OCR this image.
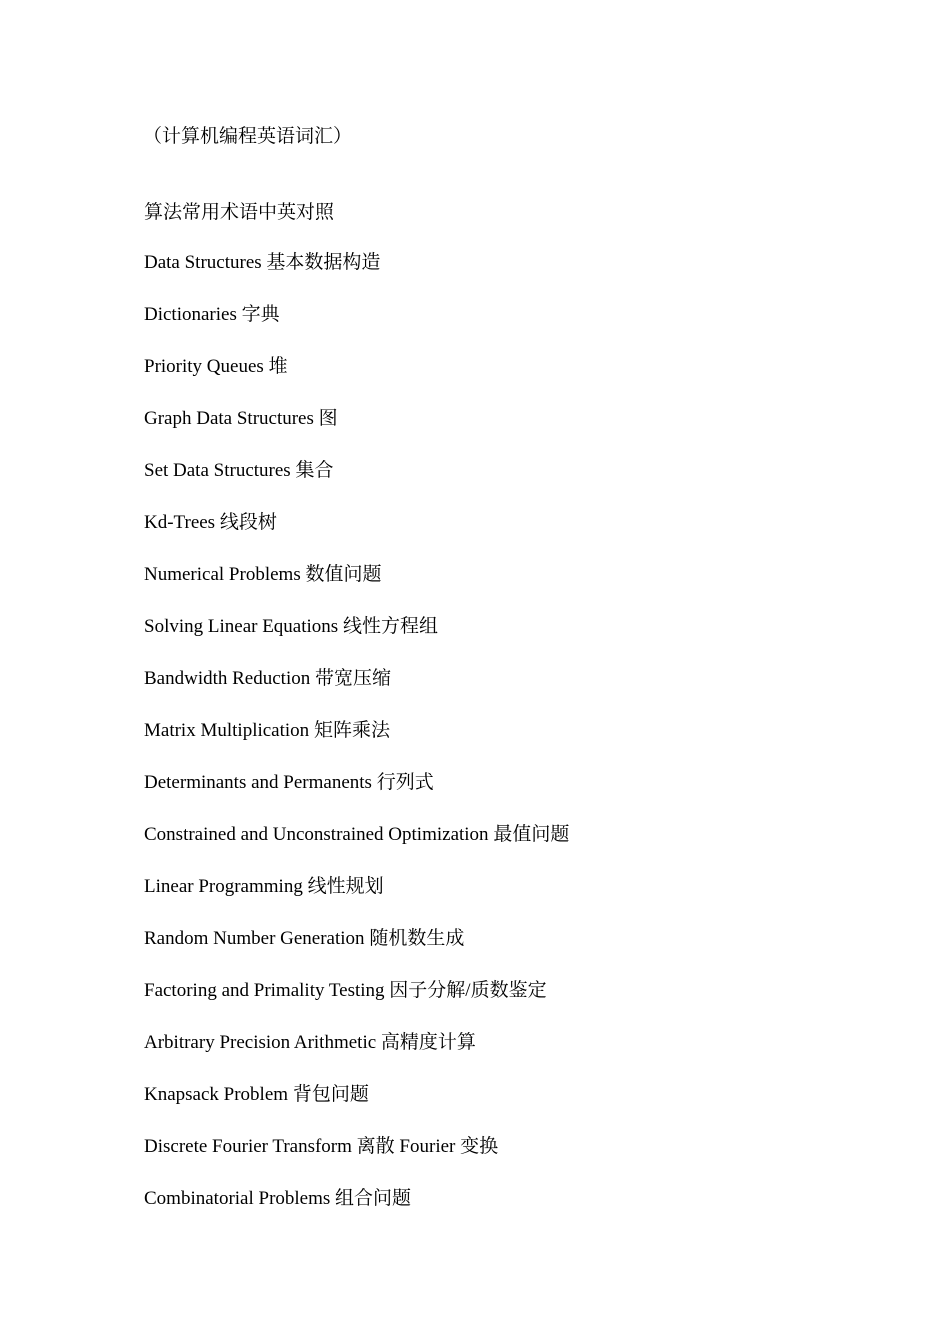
（计算机编程英语词汇）
算法常用术语中英对照
Data Structures 基本数据构造
Dictionaries 字典
Priority Queues 堆
Graph Data Structures 图
Set Data Structures 集合
Kd-Trees 线段树
Numerical Problems 数值问题
Solving Linear Equations 线性方程组
Bandwidth Reduction 带宽压缩
Matrix Multiplication 矩阵乘法
Determinants and Permanents 行列式
Constrained and Unconstrained Optimization 最值问题
Linear Programming 线性规划
Random Number Generation 随机数生成
Factoring and Primality Testing 因子分解/质数鉴定
Arbitrary Precision Arithmetic 高精度计算
Knapsack Problem 背包问题
Discrete Fourier Transform 离散 Fourier 变换
Combinatorial Problems 组合问题
